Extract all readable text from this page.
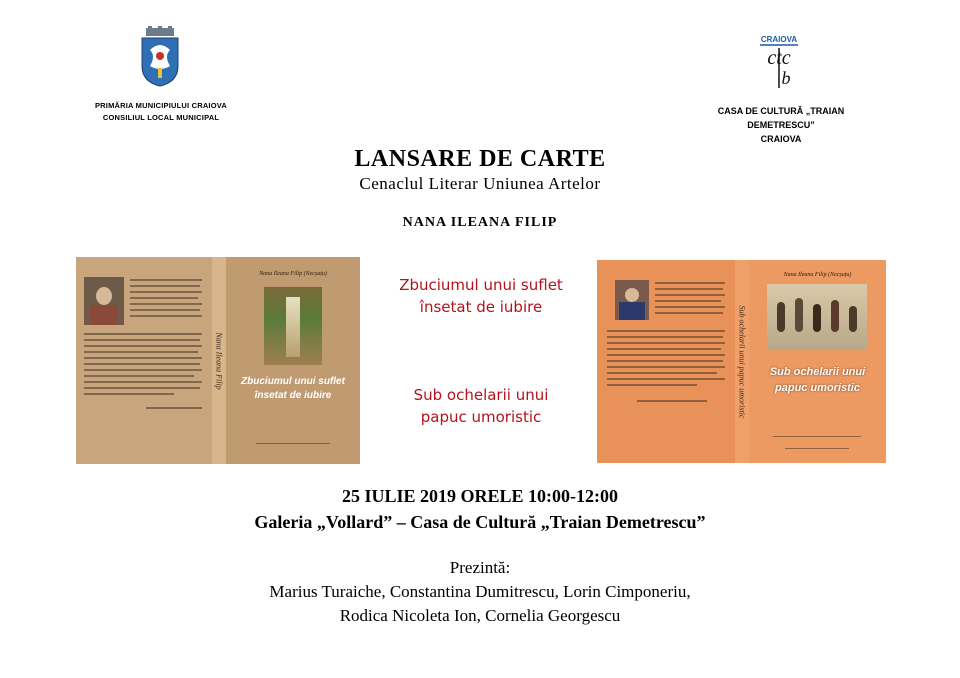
PRIMĂRIA MUNICIPIULUI CRAIOVA
CONSILIUL LOCAL MUNICIPAL
CRAIOVA
ctc
b
CASA DE CULTURĂ „TRAIAN
DEMETRESCU”
CRAIOVA
LANSARE DE CARTE
Cenaclul Literar Uniunea Artelor
NANA ILEANA FILIP
Nana Ileana Filip
Nana Ileana Filip (Necșuțu)
Zbuciumul unui suflet însetat de iubire
Zbuciumul unui suflet
însetat de iubire
Sub ochelarii unui
papuc umoristic	Sub ochelarii unui papuc umoristic
Nana Ileana Filip (Necșuțu)
Sub ochelarii unui
papuc umoristic
25 IULIE 2019 ORELE 10:00-12:00
Galeria „Vollard” – Casa de Cultură „Traian Demetrescu”
Prezintă:
Marius Turaiche, Constantina Dumitrescu, Lorin Cimponeriu,
Rodica Nicoleta Ion, Cornelia Georgescu
